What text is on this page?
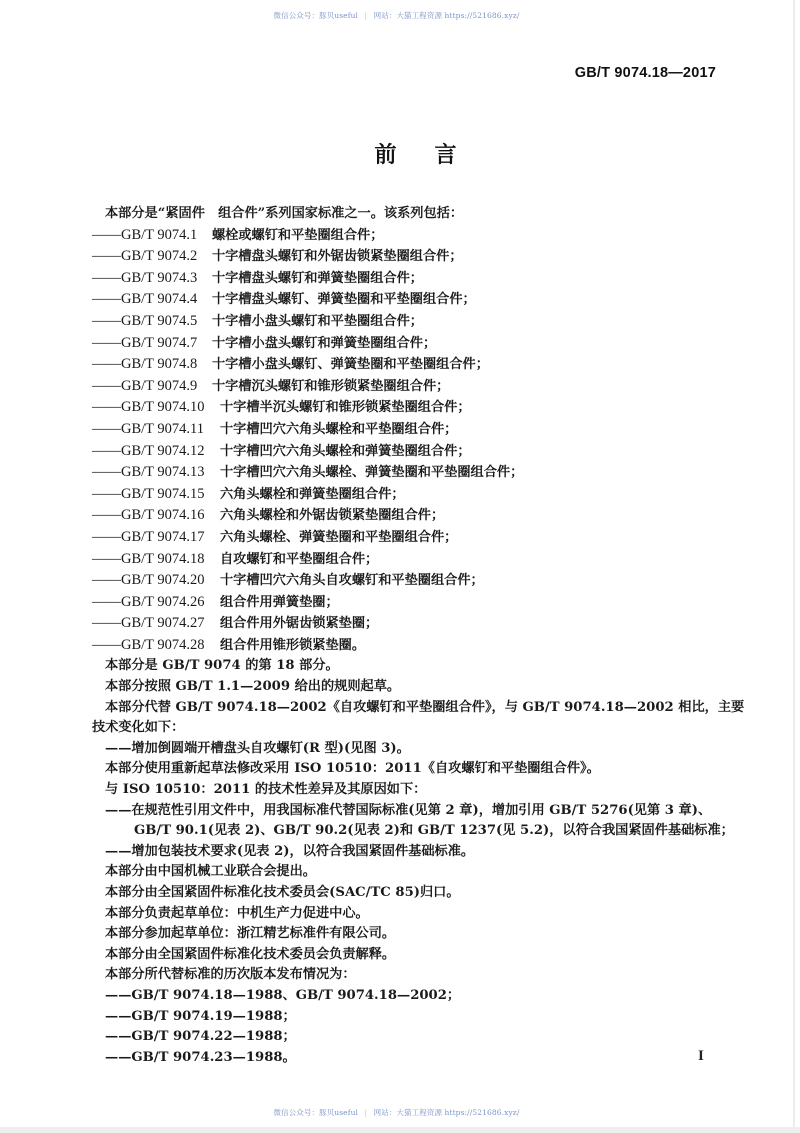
微信公众号：豚贝useful | 网站：大猫工程资源 https://521686.xyz/
GB/T 9074.18—2017
前言
本部分是“紧固件　组合件”系列国家标准之一。该系列包括：
——GB/T 9074.1 螺栓或螺钉和平垫圈组合件；
——GB/T 9074.2 十字槽盘头螺钉和外锯齿锁紧垫圈组合件；
——GB/T 9074.3 十字槽盘头螺钉和弹簧垫圈组合件；
——GB/T 9074.4 十字槽盘头螺钉、弹簧垫圈和平垫圈组合件；
——GB/T 9074.5 十字槽小盘头螺钉和平垫圈组合件；
——GB/T 9074.7 十字槽小盘头螺钉和弹簧垫圈组合件；
——GB/T 9074.8 十字槽小盘头螺钉、弹簧垫圈和平垫圈组合件；
——GB/T 9074.9 十字槽沉头螺钉和锥形锁紧垫圈组合件；
——GB/T 9074.10 十字槽半沉头螺钉和锥形锁紧垫圈组合件；
——GB/T 9074.11 十字槽凹穴六角头螺栓和平垫圈组合件；
——GB/T 9074.12 十字槽凹穴六角头螺栓和弹簧垫圈组合件；
——GB/T 9074.13 十字槽凹穴六角头螺栓、弹簧垫圈和平垫圈组合件；
——GB/T 9074.15 六角头螺栓和弹簧垫圈组合件；
——GB/T 9074.16 六角头螺栓和外锯齿锁紧垫圈组合件；
——GB/T 9074.17 六角头螺栓、弹簧垫圈和平垫圈组合件；
——GB/T 9074.18 自攻螺钉和平垫圈组合件；
——GB/T 9074.20 十字槽凹穴六角头自攻螺钉和平垫圈组合件；
——GB/T 9074.26 组合件用弹簧垫圈；
——GB/T 9074.27 组合件用外锯齿锁紧垫圈；
——GB/T 9074.28 组合件用锥形锁紧垫圈。
本部分是 GB/T 9074 的第 18 部分。
本部分按照 GB/T 1.1—2009 给出的规则起草。
本部分代替 GB/T 9074.18—2002《自攻螺钉和平垫圈组合件》，与 GB/T 9074.18—2002 相比，主要
技术变化如下：
——增加倒圆端开槽盘头自攻螺钉(R 型)(见图 3)。
本部分使用重新起草法修改采用 ISO 10510：2011《自攻螺钉和平垫圈组合件》。
与 ISO 10510：2011 的技术性差异及其原因如下：
——在规范性引用文件中，用我国标准代替国际标准(见第 2 章)，增加引用 GB/T 5276(见第 3 章)、
GB/T 90.1(见表 2)、GB/T 90.2(见表 2)和 GB/T 1237(见 5.2)，以符合我国紧固件基础标准；
——增加包装技术要求(见表 2)，以符合我国紧固件基础标准。
本部分由中国机械工业联合会提出。
本部分由全国紧固件标准化技术委员会(SAC/TC 85)归口。
本部分负责起草单位：中机生产力促进中心。
本部分参加起草单位：浙江精艺标准件有限公司。
本部分由全国紧固件标准化技术委员会负责解释。
本部分所代替标准的历次版本发布情况为：
——GB/T 9074.18—1988、GB/T 9074.18—2002；
——GB/T 9074.19—1988；
——GB/T 9074.22—1988；
——GB/T 9074.23—1988。	I
微信公众号：豚贝useful | 网站：大猫工程资源 https://521686.xyz/
